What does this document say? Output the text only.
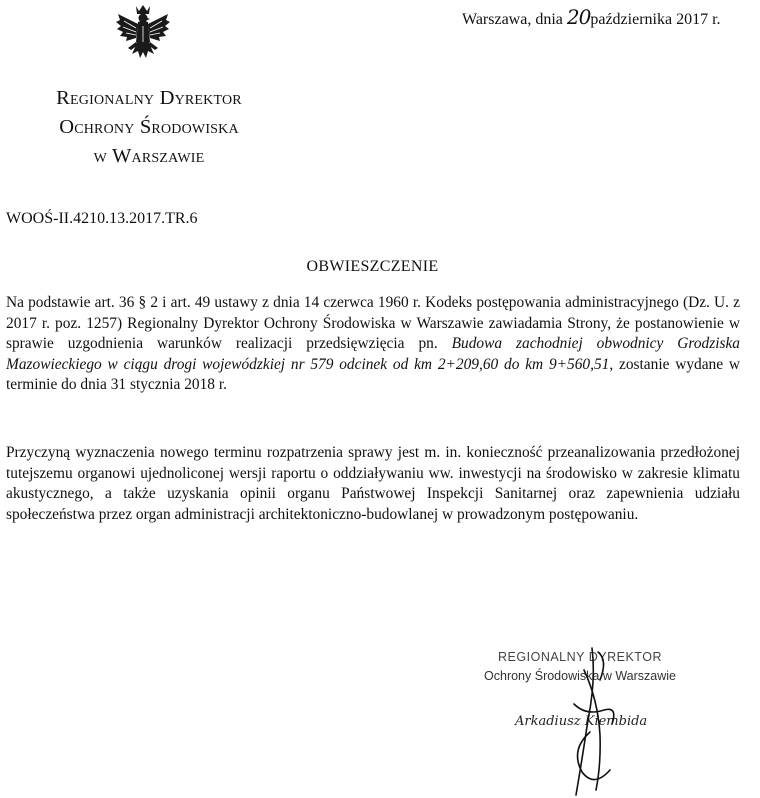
Warszawa, dnia 20października 2017 r.
Regionalny Dyrektor
Ochrony Środowiska
w Warszawie
WOOŚ-II.4210.13.2017.TR.6
OBWIESZCZENIE
Na podstawie art. 36 § 2 i art. 49 ustawy z dnia 14 czerwca 1960 r. Kodeks postępowania administracyjnego (Dz. U. z 2017 r. poz. 1257) Regionalny Dyrektor Ochrony Środowiska w Warszawie zawiadamia Strony, że postanowienie w sprawie uzgodnienia warunków realizacji przedsięwzięcia pn. Budowa zachodniej obwodnicy Grodziska Mazowieckiego w ciągu drogi wojewódzkiej nr 579 odcinek od km 2+209,60 do km 9+560,51, zostanie wydane w terminie do dnia 31 stycznia 2018 r.
Przyczyną wyznaczenia nowego terminu rozpatrzenia sprawy jest m. in. konieczność przeanalizowania przedłożonej tutejszemu organowi ujednoliconej wersji raportu o oddziaływaniu ww. inwestycji na środowisko w zakresie klimatu akustycznego, a także uzyskania opinii organu Państwowej Inspekcji Sanitarnej oraz zapewnienia udziału społeczeństwa przez organ administracji architektoniczno-budowlanej w prowadzonym postępowaniu.
REGIONALNY DYREKTOR
Ochrony Środowiska w Warszawie
Arkadiusz Kiembida
